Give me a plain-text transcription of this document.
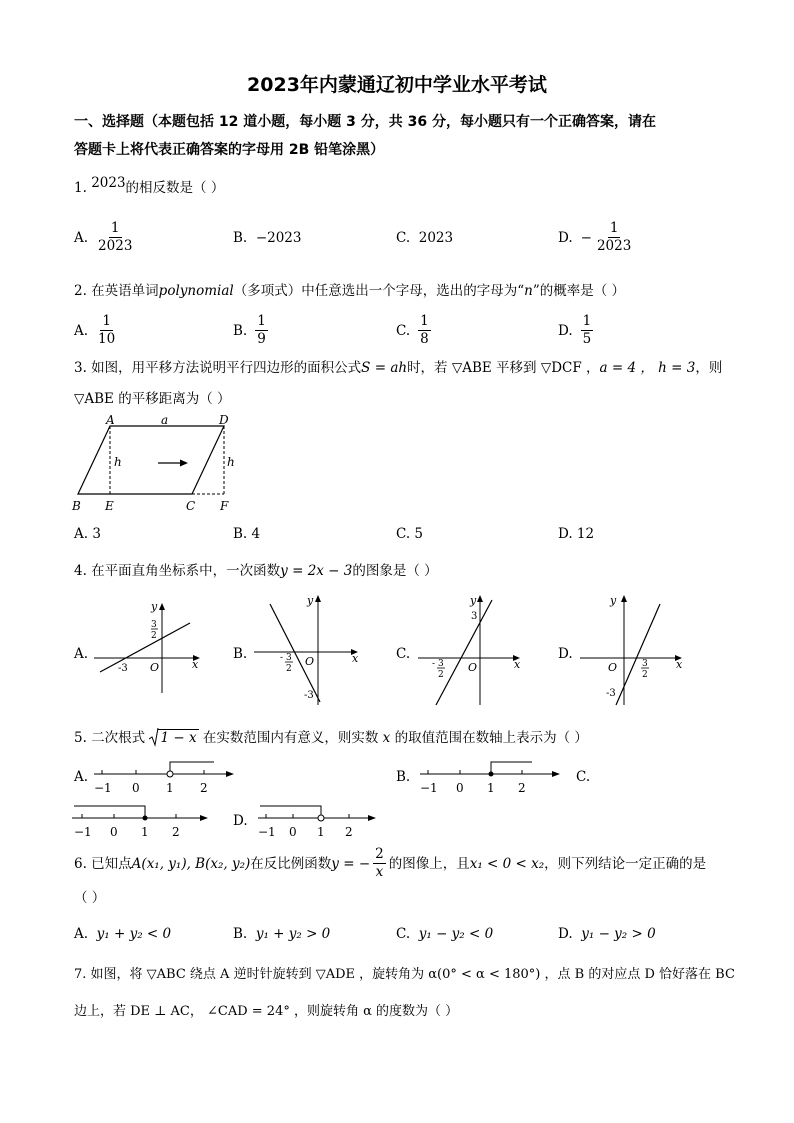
2023年内蒙通辽初中学业水平考试
一、选择题（本题包括 12 道小题，每小题 3 分，共 36 分，每小题只有一个正确答案，请在
答题卡上将代表正确答案的字母用 2B 铅笔涂黑）
1. 2023的相反数是（ ）
A. $\frac{1}{2023}$	B.
−2023	C.
2023	D. − $\frac{1}{2023}$
2. 在英语单词polynomial（多项式）中任意选出一个字母，选出的字母为“n”的概率是（ ）
A. $\frac{1}{10}$	B. $\frac{1}{9}$	C. $\frac{1}{8}$	D. $\frac{1}{5}$
3. 如图，用平移方法说明平行四边形的面积公式S = ah时，若 ▽ABE 平移到 ▽DCF ，a = 4 ， h = 3，则
▽ABE 的平移距离为（ ）
A	a	D
h	h
B E	C F
A. 3	B. 4	C. 5	D. 12
4. 在平面直角坐标系中，一次函数y = 2x − 3的图象是（ ）
A.
x
y
O
-3
3
2
B.	x
y
O
-3
- 3
2
C.
x
y
O
3
- 3
2
D.
x
y
O
-3
3
2
5. 二次根式 1 − x 在实数范围内有意义，则实数 x 的取值范围在数轴上表示为（ ）
A.
−1 0 1 2
B.
−1 0 1 2
C.
−1 0 1 2
D.
−1 0 1 2
6. 已知点 A(x₁, y₁), B(x₂, y₂) 在反比例函数 y = − $\frac{2}{x}$ 的图像上，且 x₁ < 0 < x₂ ，则下列结论一定正确的是
（ ）
A.
y₁ + y₂ < 0	B.
y₁ + y₂ > 0	C.
y₁ − y₂ < 0	D.
y₁ − y₂ > 0
7. 如图，将 ▽ABC 绕点 A 逆时针旋转到 ▽ADE ，旋转角为 α(0° < α < 180°) ，点 B 的对应点 D 恰好落在 BC
边上，若 DE ⊥ AC， ∠CAD = 24° ，则旋转角 α 的度数为（ ）
